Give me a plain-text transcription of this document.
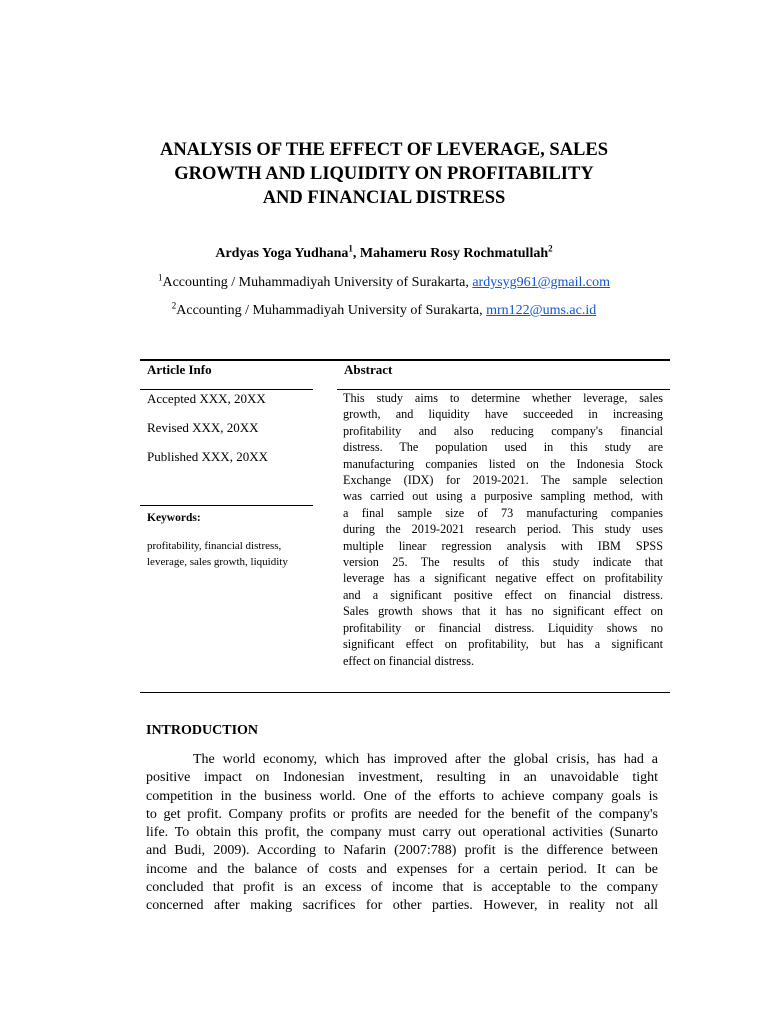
ANALYSIS OF THE EFFECT OF LEVERAGE, SALES
GROWTH AND LIQUIDITY ON PROFITABILITY
AND FINANCIAL DISTRESS
Ardyas Yoga Yudhana$^1$, Mahameru Rosy Rochmatullah$^2$
$^1$Accounting / Muhammadiyah University of Surakarta, ardysyg961@gmail.com
$^2$Accounting / Muhammadiyah University of Surakarta, mrn122@ums.ac.id
Article Info
Accepted XXX, 20XX
Revised XXX, 20XX
Published XXX, 20XX
Keywords:
profitability, financial distress, leverage, sales growth, liquidity
Abstract
This study aims to determine whether leverage, sales
growth, and liquidity have succeeded in increasing
profitability and also reducing company's financial
distress. The population used in this study are
manufacturing companies listed on the Indonesia Stock
Exchange (IDX) for 2019-2021. The sample selection
was carried out using a purposive sampling method, with
a final sample size of 73 manufacturing companies
during the 2019-2021 research period. This study uses
multiple linear regression analysis with IBM SPSS
version 25. The results of this study indicate that
leverage has a significant negative effect on profitability
and a significant positive effect on financial distress.
Sales growth shows that it has no significant effect on
profitability or financial distress. Liquidity shows no
significant effect on profitability, but has a significant
effect on financial distress.
INTRODUCTION
The world economy, which has improved after the global crisis, has had a
positive impact on Indonesian investment, resulting in an unavoidable tight
competition in the business world. One of the efforts to achieve company goals is
to get profit. Company profits or profits are needed for the benefit of the company's
life. To obtain this profit, the company must carry out operational activities (Sunarto
and Budi, 2009). According to Nafarin (2007:788) profit is the difference between
income and the balance of costs and expenses for a certain period. It can be
concluded that profit is an excess of income that is acceptable to the company
concerned after making sacrifices for other parties. However, in reality not all
